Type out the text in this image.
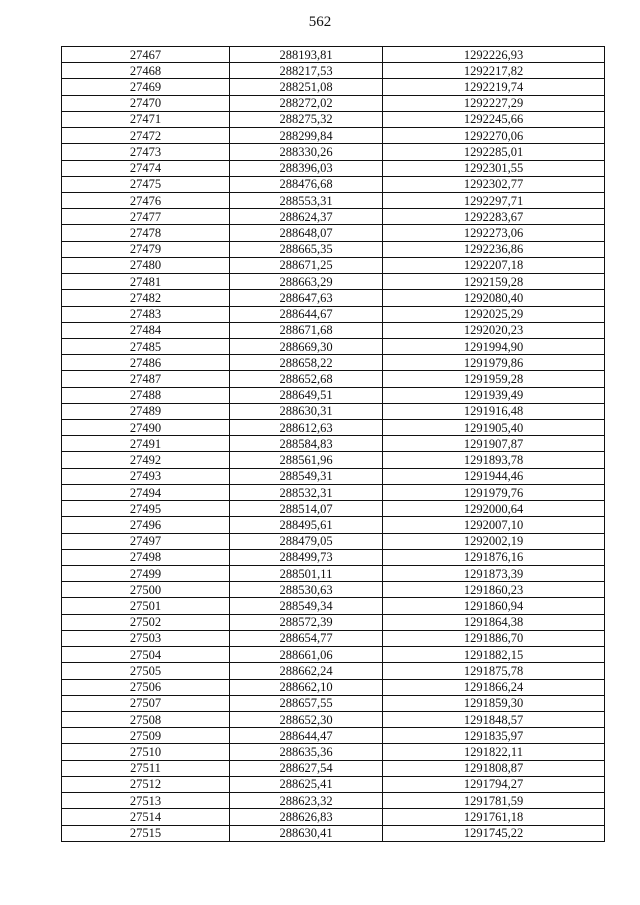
562
27467	288193,81	1292226,93
27468	288217,53	1292217,82
27469	288251,08	1292219,74
27470	288272,02	1292227,29
27471	288275,32	1292245,66
27472	288299,84	1292270,06
27473	288330,26	1292285,01
27474	288396,03	1292301,55
27475	288476,68	1292302,77
27476	288553,31	1292297,71
27477	288624,37	1292283,67
27478	288648,07	1292273,06
27479	288665,35	1292236,86
27480	288671,25	1292207,18
27481	288663,29	1292159,28
27482	288647,63	1292080,40
27483	288644,67	1292025,29
27484	288671,68	1292020,23
27485	288669,30	1291994,90
27486	288658,22	1291979,86
27487	288652,68	1291959,28
27488	288649,51	1291939,49
27489	288630,31	1291916,48
27490	288612,63	1291905,40
27491	288584,83	1291907,87
27492	288561,96	1291893,78
27493	288549,31	1291944,46
27494	288532,31	1291979,76
27495	288514,07	1292000,64
27496	288495,61	1292007,10
27497	288479,05	1292002,19
27498	288499,73	1291876,16
27499	288501,11	1291873,39
27500	288530,63	1291860,23
27501	288549,34	1291860,94
27502	288572,39	1291864,38
27503	288654,77	1291886,70
27504	288661,06	1291882,15
27505	288662,24	1291875,78
27506	288662,10	1291866,24
27507	288657,55	1291859,30
27508	288652,30	1291848,57
27509	288644,47	1291835,97
27510	288635,36	1291822,11
27511	288627,54	1291808,87
27512	288625,41	1291794,27
27513	288623,32	1291781,59
27514	288626,83	1291761,18
27515	288630,41	1291745,22
